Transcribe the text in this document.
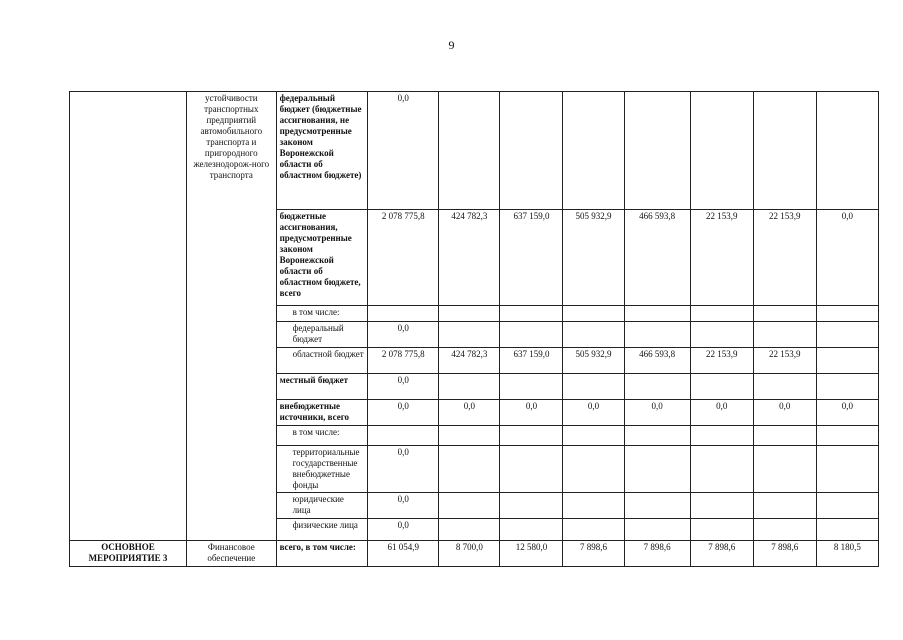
9
	устойчивости транспортных предприятий автомобильного транспорта и пригородного железнодорож-ного транспорта	федеральный бюджет (бюджетные ассигнования, не предусмотренные законом Воронежской области об областном бюджете)	0,0							
		бюджетные ассигнования, предусмотренные законом Воронежской области об областном бюджете, всего	2 078 775,8	424 782,3	637 159,0	505 932,9	466 593,8	22 153,9	22 153,9	0,0
		в том числе:								
		федеральный бюджет	0,0							
		областной бюджет	2 078 775,8	424 782,3	637 159,0	505 932,9	466 593,8	22 153,9	22 153,9	
		местный бюджет	0,0							
		внебюджетные источники, всего	0,0	0,0	0,0	0,0	0,0	0,0	0,0	0,0
		в том числе:								
		территориальные государственные внебюджетные фонды	0,0							
		юридические лица	0,0							
		физические лица	0,0							
ОСНОВНОЕ МЕРОПРИЯТИЕ 3	Финансовое обеспечение	всего, в том числе:	61 054,9	8 700,0	12 580,0	7 898,6	7 898,6	7 898,6	7 898,6	8 180,5
